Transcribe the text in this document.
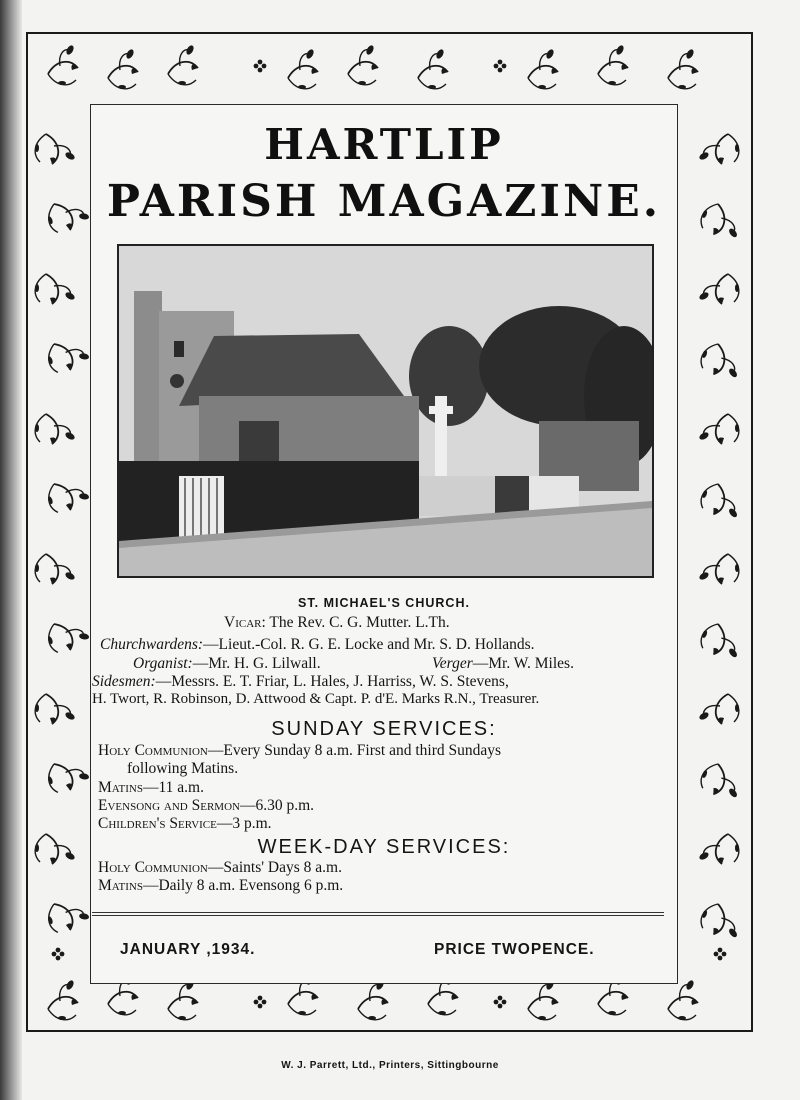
HARTLIP
PARISH MAGAZINE.
ST. MICHAEL'S CHURCH.
Vicar: The Rev. C. G. Mutter. L.Th.
Churchwardens:—Lieut.-Col. R. G. E. Locke and Mr. S. D. Hollands.
Organist:—Mr. H. G. Lilwall.	Verger—Mr. W. Miles.
Sidesmen:—Messrs. E. T. Friar, L. Hales, J. Harriss, W. S. Stevens,
H. Twort, R. Robinson, D. Attwood & Capt. P. d'E. Marks R.N., Treasurer.
SUNDAY SERVICES:
Holy Communion—Every Sunday 8 a.m. First and third Sundays
following Matins.
Matins—11 a.m.
Evensong and Sermon—6.30 p.m.
Children's Service—3 p.m.
WEEK-DAY SERVICES:
Holy Communion—Saints' Days 8 a.m.
Matins—Daily 8 a.m. Evensong 6 p.m.
JANUARY ,1934.	PRICE TWOPENCE.
W. J. Parrett, Ltd., Printers, Sittingbourne
